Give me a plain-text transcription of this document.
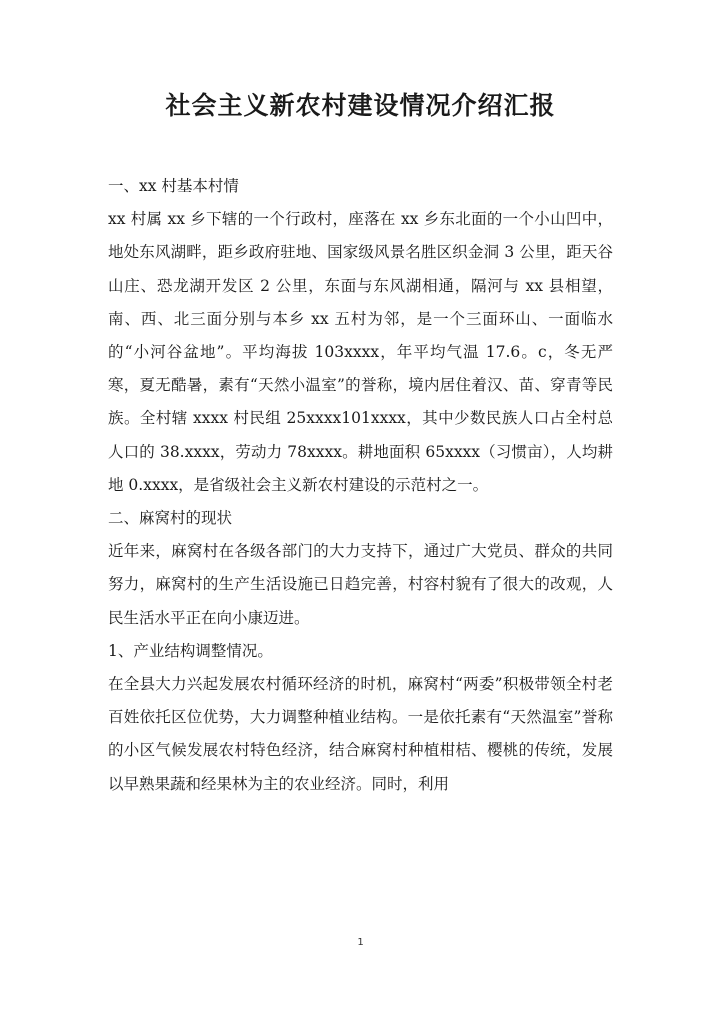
社会主义新农村建设情况介绍汇报

一、xx 村基本村情

xx 村属 xx 乡下辖的一个行政村，座落在 xx 乡东北面的一个小山凹中，地处东风湖畔，距乡政府驻地、国家级风景名胜区织金洞 3 公里，距天谷山庄、恐龙湖开发区 2 公里，东面与东风湖相通，隔河与 xx 县相望，南、西、北三面分别与本乡 xx 五村为邻，是一个三面环山、一面临水的“小河谷盆地”。平均海拔 103xxxx，年平均气温 17.6。c，冬无严寒，夏无酷暑，素有“天然小温室”的誉称，境内居住着汉、苗、穿青等民族。全村辖 xxxx 村民组 25xxxx101xxxx，其中少数民族人口占全村总人口的 38.xxxx，劳动力 78xxxx。耕地面积 65xxxx（习惯亩），人均耕地 0.xxxx，是省级社会主义新农村建设的示范村之一。

二、麻窝村的现状

近年来，麻窝村在各级各部门的大力支持下，通过广大党员、群众的共同努力，麻窝村的生产生活设施已日趋完善，村容村貌有了很大的改观，人民生活水平正在向小康迈进。

1、产业结构调整情况。

在全县大力兴起发展农村循环经济的时机，麻窝村“两委”积极带领全村老百姓依托区位优势，大力调整种植业结构。一是依托素有“天然温室”誉称的小区气候发展农村特色经济，结合麻窝村种植柑桔、樱桃的传统，发展以早熟果蔬和经果林为主的农业经济。同时，利用

1
